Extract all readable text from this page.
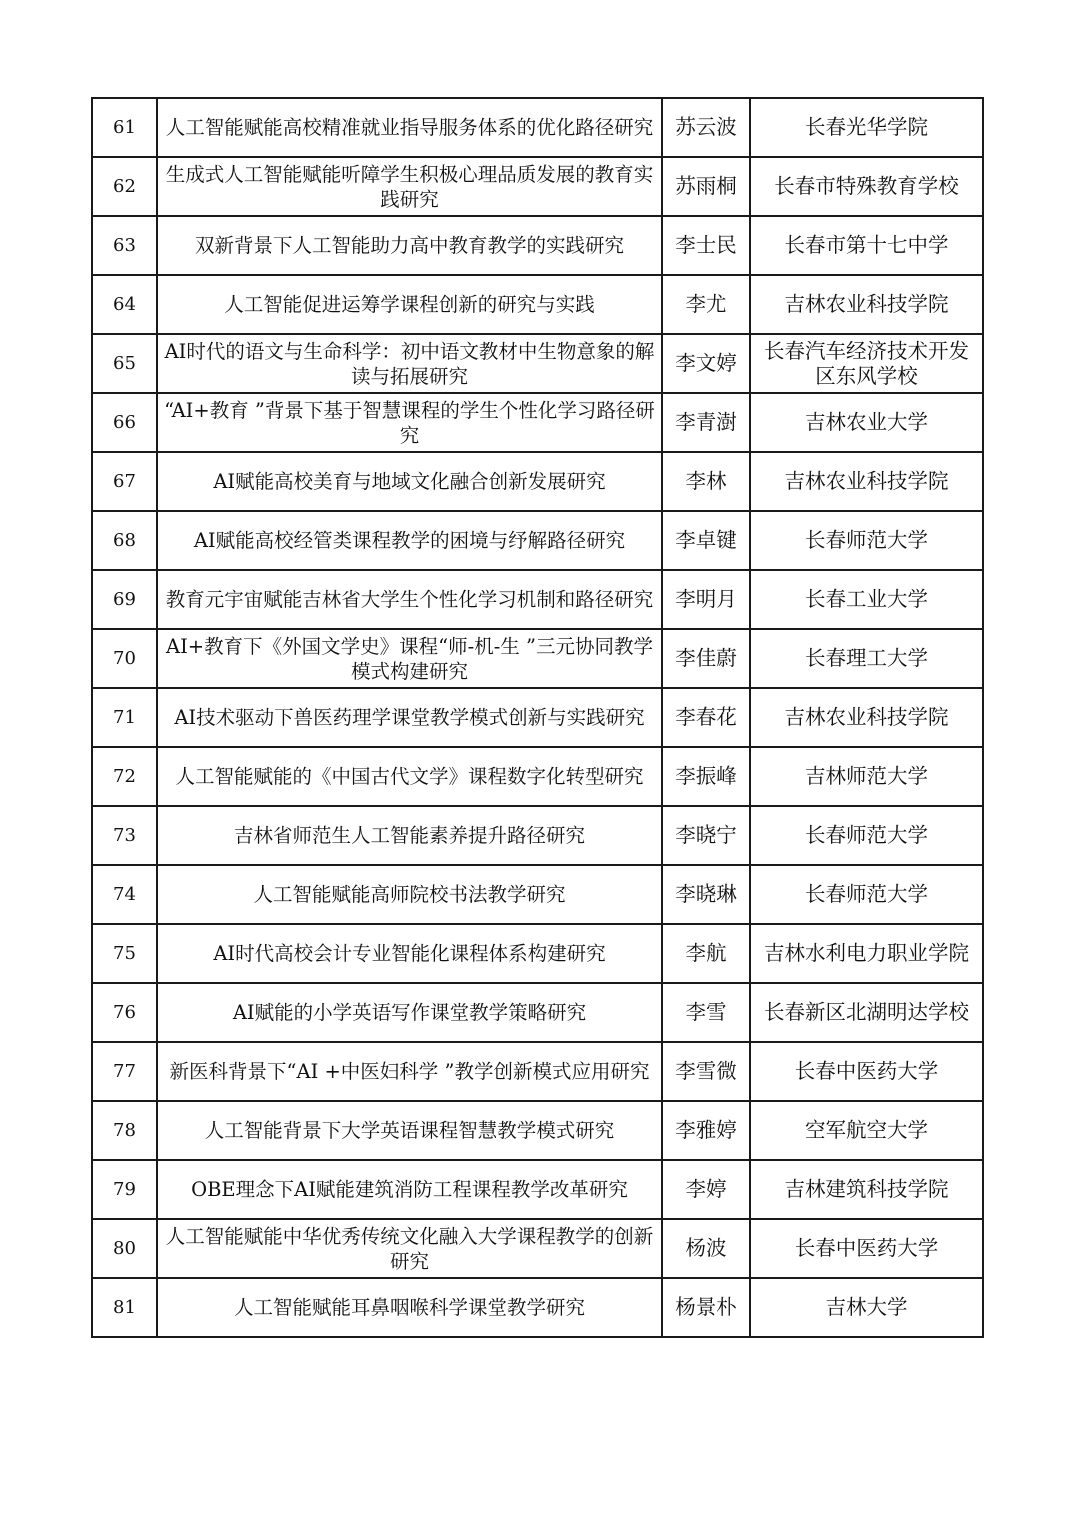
61	人工智能赋能高校精准就业指导服务体系的优化路径研究	苏云波	长春光华学院
62	生成式人工智能赋能听障学生积极心理品质发展的教育实践研究	苏雨桐	长春市特殊教育学校
63	双新背景下人工智能助力高中教育教学的实践研究	李士民	长春市第十七中学
64	人工智能促进运筹学课程创新的研究与实践	李尤	吉林农业科技学院
65	AI时代的语文与生命科学：初中语文教材中生物意象的解读与拓展研究	李文婷	长春汽车经济技术开发区东风学校
66	“AI+教育 ”背景下基于智慧课程的学生个性化学习路径研究	李青澍	吉林农业大学
67	AI赋能高校美育与地域文化融合创新发展研究	李林	吉林农业科技学院
68	AI赋能高校经管类课程教学的困境与纾解路径研究	李卓键	长春师范大学
69	教育元宇宙赋能吉林省大学生个性化学习机制和路径研究	李明月	长春工业大学
70	AI+教育下《外国文学史》课程“师-机-生 ”三元协同教学模式构建研究	李佳蔚	长春理工大学
71	AI技术驱动下兽医药理学课堂教学模式创新与实践研究	李春花	吉林农业科技学院
72	人工智能赋能的《中国古代文学》课程数字化转型研究	李振峰	吉林师范大学
73	吉林省师范生人工智能素养提升路径研究	李晓宁	长春师范大学
74	人工智能赋能高师院校书法教学研究	李晓琳	长春师范大学
75	AI时代高校会计专业智能化课程体系构建研究	李航	吉林水利电力职业学院
76	AI赋能的小学英语写作课堂教学策略研究	李雪	长春新区北湖明达学校
77	新医科背景下“AI +中医妇科学 ”教学创新模式应用研究	李雪微	长春中医药大学
78	人工智能背景下大学英语课程智慧教学模式研究	李雅婷	空军航空大学
79	OBE理念下AI赋能建筑消防工程课程教学改革研究	李婷	吉林建筑科技学院
80	人工智能赋能中华优秀传统文化融入大学课程教学的创新研究	杨波	长春中医药大学
81	人工智能赋能耳鼻咽喉科学课堂教学研究	杨景朴	吉林大学
